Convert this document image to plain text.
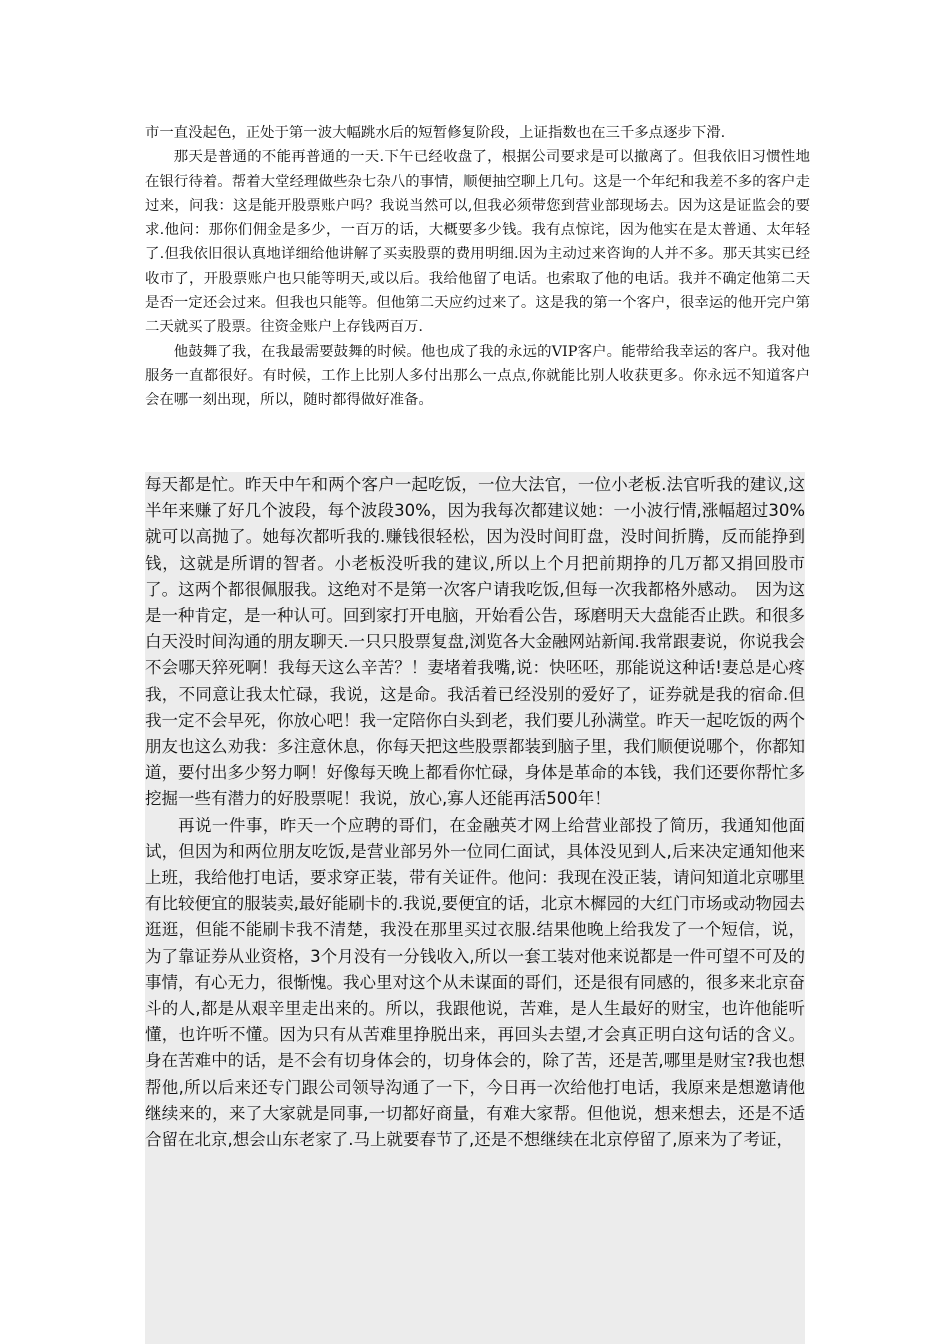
市一直没起色，正处于第一波大幅跳水后的短暂修复阶段，上证指数也在三千多点逐步下滑.

那天是普通的不能再普通的一天.下午已经收盘了，根据公司要求是可以撤离了。但我依旧习惯性地在银行待着。帮着大堂经理做些杂七杂八的事情，顺便抽空聊上几句。这是一个年纪和我差不多的客户走过来，问我：这是能开股票账户吗？我说当然可以,但我必须带您到营业部现场去。因为这是证监会的要求.他问：那你们佣金是多少，一百万的话，大概要多少钱。我有点惊诧，因为他实在是太普通、太年轻了.但我依旧很认真地详细给他讲解了买卖股票的费用明细.因为主动过来咨询的人并不多。那天其实已经收市了，开股票账户也只能等明天,或以后。我给他留了电话。也索取了他的电话。我并不确定他第二天是否一定还会过来。但我也只能等。但他第二天应约过来了。这是我的第一个客户，很幸运的他开完户第二天就买了股票。往资金账户上存钱两百万.

他鼓舞了我，在我最需要鼓舞的时候。他也成了我的永远的VIP客户。能带给我幸运的客户。我对他服务一直都很好。有时候，工作上比别人多付出那么一点点,你就能比别人收获更多。你永远不知道客户会在哪一刻出现，所以，随时都得做好准备。

每天都是忙。昨天中午和两个客户一起吃饭，一位大法官，一位小老板.法官听我的建议,这半年来赚了好几个波段，每个波段30%，因为我每次都建议她：一小波行情,涨幅超过30%就可以高抛了。她每次都听我的.赚钱很轻松，因为没时间盯盘，没时间折腾，反而能挣到钱，这就是所谓的智者。小老板没听我的建议,所以上个月把前期挣的几万都又捐回股市了。这两个都很佩服我。这绝对不是第一次客户请我吃饭,但每一次我都格外感动。　因为这是一种肯定，是一种认可。回到家打开电脑，开始看公告，琢磨明天大盘能否止跌。和很多白天没时间沟通的朋友聊天.一只只股票复盘,浏览各大金融网站新闻.我常跟妻说，你说我会不会哪天猝死啊！我每天这么辛苦？！妻堵着我嘴,说：快呸呸，那能说这种话!妻总是心疼我，不同意让我太忙碌，我说，这是命。我活着已经没别的爱好了，证券就是我的宿命.但我一定不会早死，你放心吧！我一定陪你白头到老，我们要儿孙满堂。昨天一起吃饭的两个朋友也这么劝我：多注意休息，你每天把这些股票都装到脑子里，我们顺便说哪个，你都知道，要付出多少努力啊！好像每天晚上都看你忙碌，身体是革命的本钱，我们还要你帮忙多挖掘一些有潜力的好股票呢！我说，放心,寡人还能再活500年！

再说一件事，昨天一个应聘的哥们，在金融英才网上给营业部投了简历，我通知他面试，但因为和两位朋友吃饭,是营业部另外一位同仁面试，具体没见到人,后来决定通知他来上班，我给他打电话，要求穿正装，带有关证件。他问：我现在没正装，请问知道北京哪里有比较便宜的服装卖,最好能刷卡的.我说,要便宜的话，北京木樨园的大红门市场或动物园去逛逛，但能不能刷卡我不清楚，我没在那里买过衣服.结果他晚上给我发了一个短信，说，为了靠证券从业资格，3个月没有一分钱收入,所以一套工装对他来说都是一件可望不可及的事情，有心无力，很惭愧。我心里对这个从未谋面的哥们，还是很有同感的，很多来北京奋斗的人,都是从艰辛里走出来的。所以，我跟他说，苦难，是人生最好的财宝，也许他能听懂，也许听不懂。因为只有从苦难里挣脱出来，再回头去望,才会真正明白这句话的含义。身在苦难中的话，是不会有切身体会的，切身体会的，除了苦，还是苦,哪里是财宝?我也想帮他,所以后来还专门跟公司领导沟通了一下，今日再一次给他打电话，我原来是想邀请他继续来的，来了大家就是同事,一切都好商量，有难大家帮。但他说，想来想去，还是不适合留在北京,想会山东老家了.马上就要春节了,还是不想继续在北京停留了,原来为了考证，
